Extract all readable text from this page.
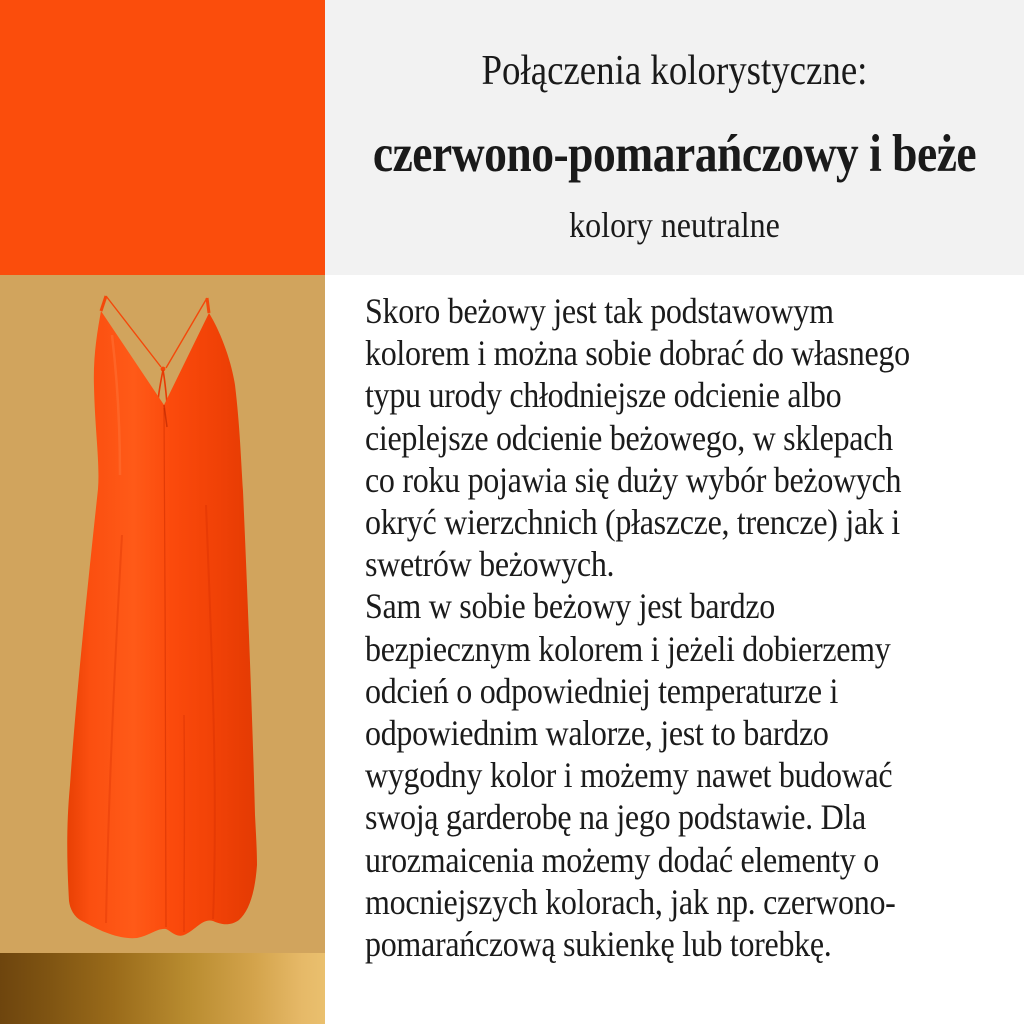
Połączenia kolorystyczne:
czerwono-pomarańczowy i beże
kolory neutralne
Skoro beżowy jest tak podstawowym
kolorem i można sobie dobrać do własnego
typu urody chłodniejsze odcienie albo
cieplejsze odcienie beżowego, w sklepach
co roku pojawia się duży wybór beżowych
okryć wierzchnich (płaszcze, trencze) jak i
swetrów beżowych.
Sam w sobie beżowy jest bardzo
bezpiecznym kolorem i jeżeli dobierzemy
odcień o odpowiedniej temperaturze i
odpowiednim walorze, jest to bardzo
wygodny kolor i możemy nawet budować
swoją garderobę na jego podstawie. Dla
urozmaicenia możemy dodać elementy o
mocniejszych kolorach, jak np. czerwono-
pomarańczową sukienkę lub torebkę.
